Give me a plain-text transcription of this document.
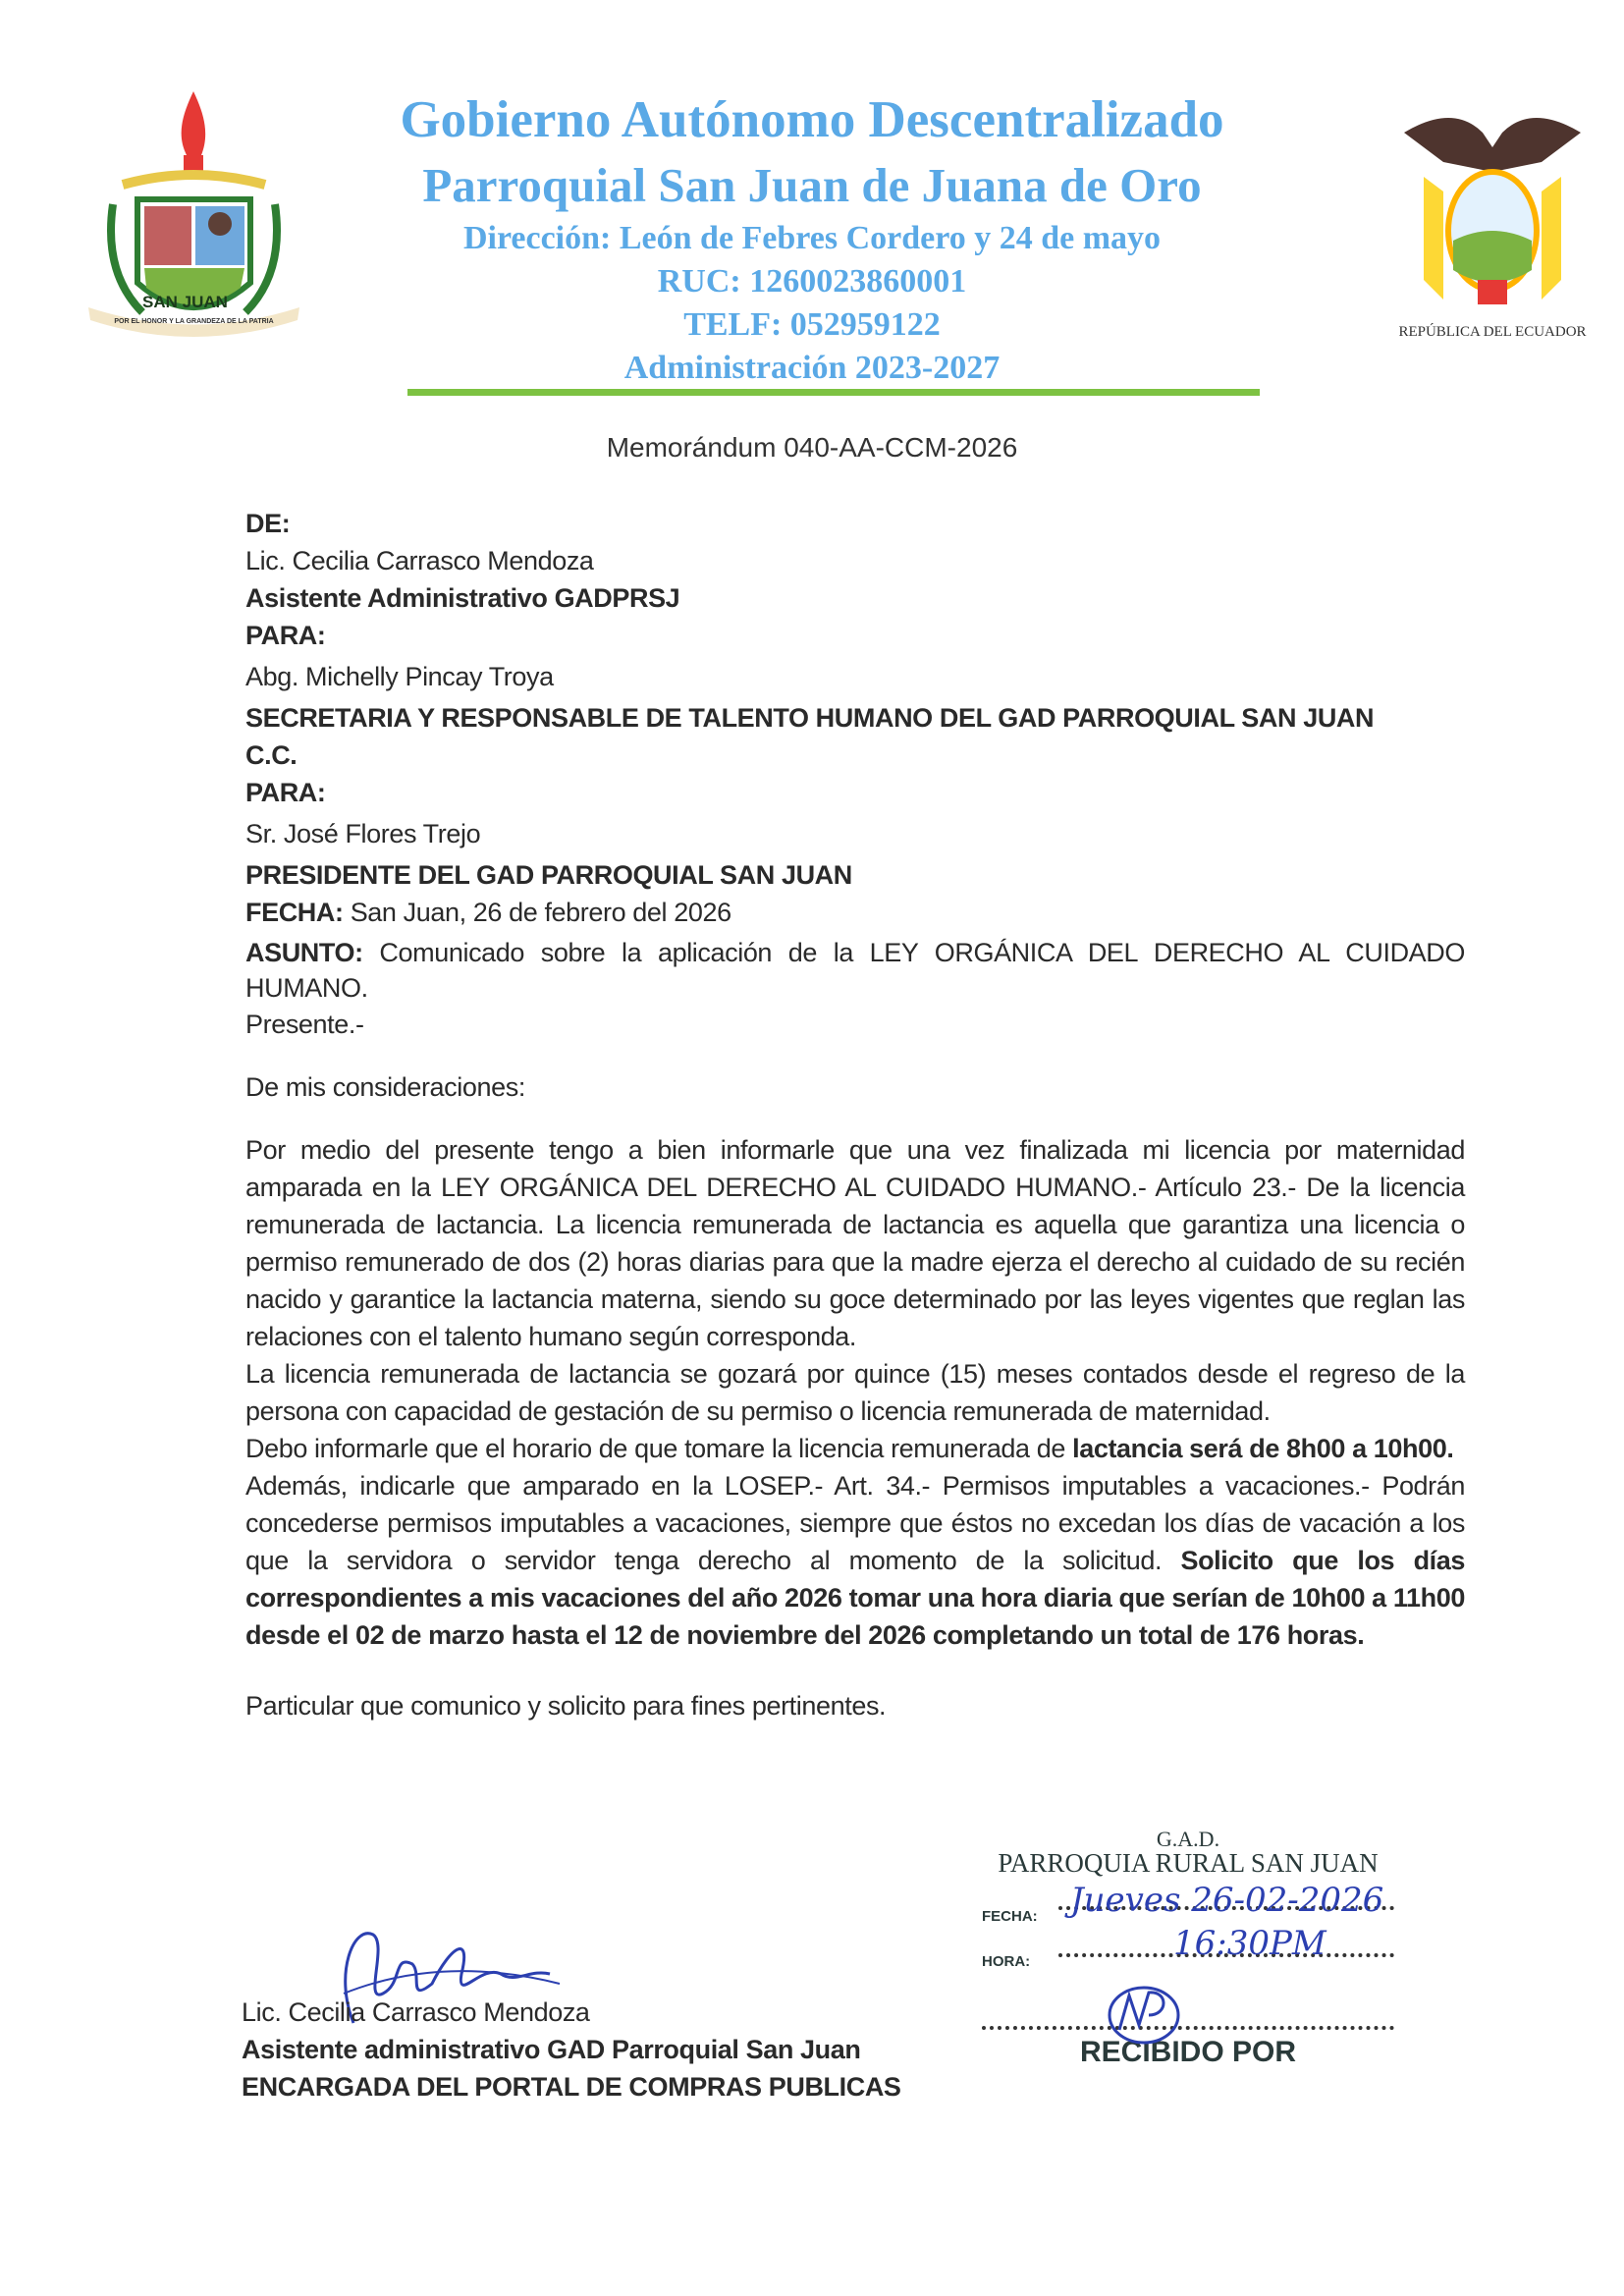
SAN JUAN
POR EL HONOR Y LA GRANDEZA DE LA PATRIA
Gobierno Autónomo Descentralizado
Parroquial San Juan de Juana de Oro
Dirección: León de Febres Cordero y 24 de mayo
RUC: 1260023860001
TELF: 052959122
Administración 2023-2027
REPÚBLICA DEL ECUADOR
Memorándum 040-AA-CCM-2026
DE:
Lic. Cecilia Carrasco Mendoza
Asistente Administrativo GADPRSJ
PARA:
Abg. Michelly Pincay Troya
SECRETARIA Y RESPONSABLE DE TALENTO HUMANO DEL GAD PARROQUIAL SAN JUAN
C.C.
PARA:
Sr. José Flores Trejo
PRESIDENTE DEL GAD PARROQUIAL SAN JUAN
FECHA: San Juan, 26 de febrero del 2026

ASUNTO: Comunicado sobre la aplicación de la LEY ORGÁNICA DEL DERECHO AL CUIDADO HUMANO.

Presente.-
De mis consideraciones:

Por medio del presente tengo a bien informarle que una vez finalizada mi licencia por maternidad amparada en la LEY ORGÁNICA DEL DERECHO AL CUIDADO HUMANO.- Artículo 23.- De la licencia remunerada de lactancia. La licencia remunerada de lactancia es aquella que garantiza una licencia o permiso remunerado de dos (2) horas diarias para que la madre ejerza el derecho al cuidado de su recién nacido y garantice la lactancia materna, siendo su goce determinado por las leyes vigentes que reglan las relaciones con el talento humano según corresponda.

La licencia remunerada de lactancia se gozará por quince (15) meses contados desde el regreso de la persona con capacidad de gestación de su permiso o licencia remunerada de maternidad.

Debo informarle que el horario de que tomare la licencia remunerada de lactancia será de 8h00 a 10h00.

Además, indicarle que amparado en la LOSEP.- Art. 34.- Permisos imputables a vacaciones.- Podrán concederse permisos imputables a vacaciones, siempre que éstos no excedan los días de vacación a los que la servidora o servidor tenga derecho al momento de la solicitud. Solicito que los días correspondientes a mis vacaciones del año 2026 tomar una hora diaria que serían de 10h00 a 11h00 desde el 02 de marzo hasta el 12 de noviembre del 2026 completando un total de 176 horas.

Particular que comunico y solicito para fines pertinentes.
Lic. Cecilia Carrasco Mendoza
Asistente administrativo GAD Parroquial San Juan
ENCARGADA DEL PORTAL DE COMPRAS PUBLICAS
G.A.D.
PARROQUIA RURAL SAN JUAN
FECHA: Jueves 26-02-2026
HORA:	16:30PM
RECIBIDO POR
